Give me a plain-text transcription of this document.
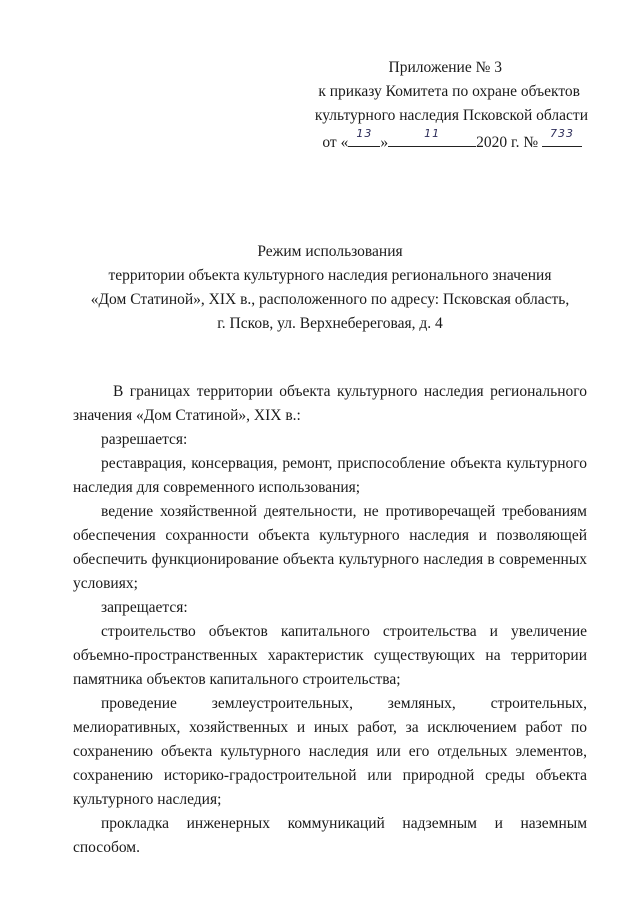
Приложение № 3
к приказу Комитета по охране объектов
культурного наследия Псковской области
от «
13
»
11
2020 г. №
733
Режим использования
территории объекта культурного наследия регионального значения
«Дом Статиной», XIX в., расположенного по адресу: Псковская область,
г. Псков, ул. Верхнебереговая, д. 4

В границах территории объекта культурного наследия регионального значения «Дом Статиной», XIX в.:

разрешается:

реставрация, консервация, ремонт, приспособление объекта культурного наследия для современного использования;

ведение хозяйственной деятельности, не противоречащей требованиям обеспечения сохранности объекта культурного наследия и позволяющей обеспечить функционирование объекта культурного наследия в современных условиях;

запрещается:

строительство объектов капитального строительства и увеличение объемно-пространственных характеристик существующих на территории памятника объектов капитального строительства;

проведение землеустроительных, земляных, строительных, мелиоративных, хозяйственных и иных работ, за исключением работ по сохранению объекта культурного наследия или его отдельных элементов, сохранению историко-градостроительной или природной среды объекта культурного наследия;

прокладка инженерных коммуникаций надземным и наземным способом.
